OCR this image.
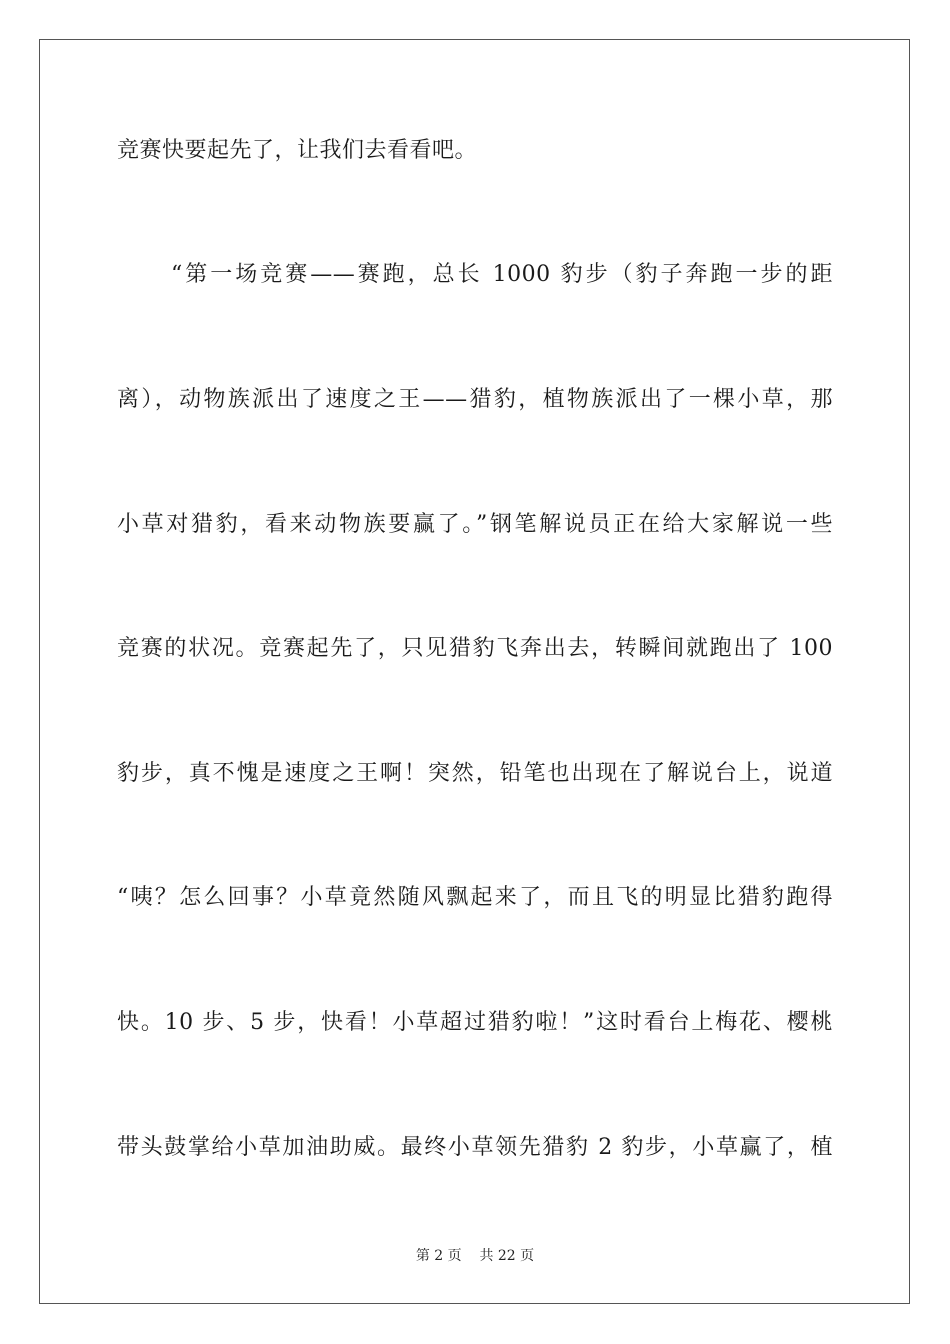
竞赛快要起先了，让我们去看看吧。
“第一场竞赛——赛跑，总长 1000 豹步（豹子奔跑一步的距
离），动物族派出了速度之王——猎豹，植物族派出了一棵小草，那
小草对猎豹，看来动物族要赢了。”钢笔解说员正在给大家解说一些
竞赛的状况。竞赛起先了，只见猎豹飞奔出去，转瞬间就跑出了 100
豹步，真不愧是速度之王啊！突然，铅笔也出现在了解说台上，说道
“咦？怎么回事？小草竟然随风飘起来了，而且飞的明显比猎豹跑得
快。10 步、5 步，快看！小草超过猎豹啦！”这时看台上梅花、樱桃
带头鼓掌给小草加油助威。最终小草领先猎豹 2 豹步，小草赢了，植
第 2 页 共 22 页
